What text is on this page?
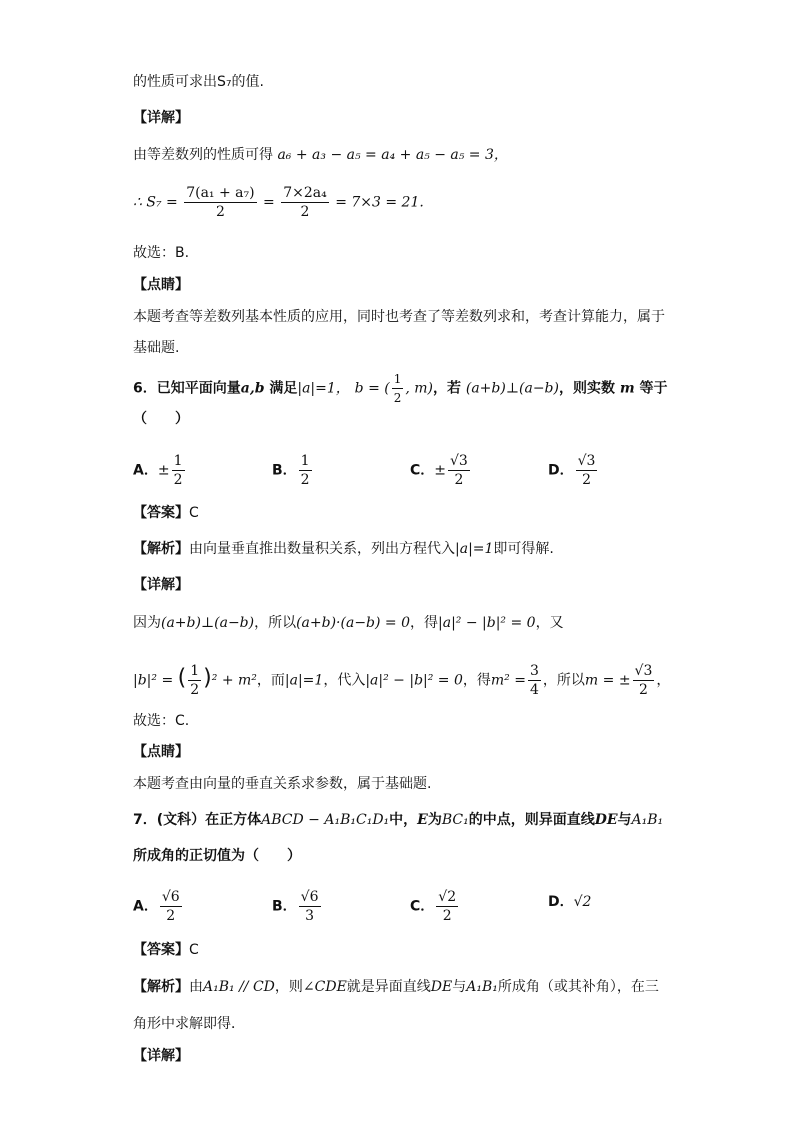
的性质可求出S₇的值.
【详解】
由等差数列的性质可得 a₆ + a₃ − a₅ = a₄ + a₅ − a₅ = 3，
∴ $S_7 = \frac{\text{7(a₁ + a₇)}}{2} = \frac{\text{7×2a₄}}{2} = 7\times 3 = 21$.
故选：B.
【点睛】
本题考查等差数列基本性质的应用，同时也考查了等差数列求和，考查计算能力，属于
基础题.
6．已知平面向量a,b 满足|a|=1， b = ( $\frac{1}{2}$ , m)，若 (a+b)⊥(a−b)，则实数 m 等于
（　　）
A．± $\frac{1}{2}$	B． $\frac{1}{2}$	C．± $\frac{√3}{2}$	D． $\frac{√3}{2}$
【答案】C
【解析】由向量垂直推出数量积关系，列出方程代入|a|=1即可得解.
【详解】
因为(a+b)⊥(a−b)，所以(a+b)·(a−b) = 0，得|a|² − |b|² = 0，又
|b|² = ( $\frac{1}{2} )^2 + m^2$，而|a|=1，代入|a|² − |b|² = 0，得$m^2 = \frac{3}{4}$ ，所以m = ± $\frac{√3}{2}$ ，
故选：C.
【点睛】
本题考查由向量的垂直关系求参数，属于基础题.
7．(文科）在正方体ABCD − A₁B₁C₁D₁中，E为BC₁的中点，则异面直线DE与A₁B₁
所成角的正切值为（　　）
A． $\frac{√6}{2}$	B． $\frac{√6}{3}$	C． $\frac{√2}{2}$	D．√2
【答案】C
【解析】由A₁B₁ // CD，则∠CDE就是异面直线DE与A₁B₁所成角（或其补角），在三
角形中求解即得．
【详解】
